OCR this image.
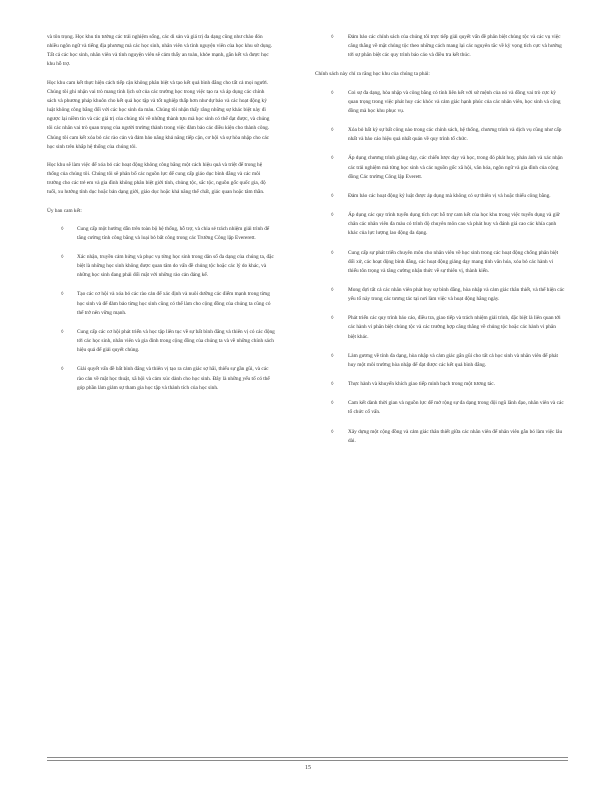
và tôn trọng. Học khu tin tưởng các trải nghiệm sống, các di sản và giá trị đa dạng cũng như chào đón nhiều ngôn ngữ và tiếng địa phương mà các học sinh, nhân viên và tình nguyện viên của học khu sử dụng. Tất cả các học sinh, nhân viên và tình nguyện viên sẽ cảm thấy an toàn, khỏe mạnh, gắn kết và được học khu hỗ trợ.

Học khu cam kết thực hiện cách tiếp cận không phân biệt và tạo kết quả bình đẳng cho tất cả mọi người. Chúng tôi ghi nhận vai trò mang tính lịch sử của các trường học trong việc tạo ra và áp dụng các chính sách và phương pháp khuôn cho kết quả học tập và tốt nghiệp thấp hơn như dự báo và các hoạt động kỷ luật không công bằng đối với các học sinh da màu. Chúng tôi nhận thấy rằng những sự khác biệt này đi ngược lại niềm tin và các giá trị của chúng tôi về những thành tựu mà học sinh có thể đạt được, và chúng tôi các nhân vai trò quan trọng của người trường thành trong việc đảm bảo các điều kiện cho thành công. Chúng tôi cam kết xóa bỏ các rào cản và đảm bảo năng khả năng tiếp cận, cơ hội và sự hòa nhập cho các học sinh trên khắp hệ thống của chúng tôi.

Học khu sẽ làm việc để xóa bỏ các hoạt động không công bằng một cách hiệu quả và triệt để trong hệ thống của chúng tôi. Chúng tôi sẽ phân bổ các nguồn lực để cung cấp giáo dục bình đẳng và các môi trường cho các trẻ em và gia đình không phân biệt giới tính, chủng tộc, sắc tộc, nguồn gốc quốc gia, độ tuổi, xu hướng tính dục hoặc bản dạng giới, giáo dục hoặc khả năng thể chất, giác quan hoặc tâm thần.

Ủy ban cam kết:

◊	Cung cấp một hướng dẫn trên toàn bộ hệ thống, hỗ trợ, và chia sẻ trách nhiệm giải trình để tăng cường tính công bằng và loại bỏ bất công trong các Trường Công lập Evererett.
◊	Xác nhận, truyền cảm hứng và phục vụ từng học sinh trong dân số đa dạng của chúng ta, đặc biệt là những học sinh không được quan tâm do vấn đề chủng tộc hoặc các lý do khác, và những học sinh đang phải đối mặt với những rào cản đáng kể.
◊	Tạo các cơ hội và xóa bỏ các rào cản để xác định và nuôi dưỡng các điểm mạnh trong từng học sinh và để đảm bảo từng học sinh cũng có thể làm cho cộng đồng của chúng ta cũng có thể trở nên vững mạnh.
◊	Cung cấp các cơ hội phát triển và học tập liên tục về sự bất bình đẳng và thiên vị có các động tới các học sinh, nhân viên và gia đình trong cộng đồng của chúng ta và về những chính sách hiệu quả để giải quyết chúng.
◊	Giải quyết vấn đề bất bình đẳng và thiên vị tạo ra cảm giác sợ hãi, thiếu sự gần gũi, và các rào cản về mặt học thuật, xã hội và cảm xúc dành cho học sinh. Đây là những yếu tố có thể góp phần làm giảm sự tham gia học tập và thành tích của học sinh.
◊	Đảm bảo các chính sách của chúng tôi trực tiếp giải quyết vấn đề phân biệt chủng tộc và các vụ việc căng thẳng về mặt chủng tộc theo những cách mang lại các nguyên tắc về kỳ vọng tích cực và hướng tới sự phân biệt các quy trình báo cáo và điều tra kết thúc.

Chính sách này chỉ ra rằng học khu của chúng ta phải:

◊	Coi sự đa dạng, hòa nhập và công bằng có tính liên kết với sứ mệnh của nó và đồng vai trò cực kỳ quan trọng trong việc phát huy các khóc và cảm giác hạnh phúc của các nhân viên, học sinh và cộng đồng mà học khu phục vụ.
◊	Xóa bỏ bất kỳ sự bất công nào trong các chính sách, hệ thống, chương trình và dịch vụ cũng như cấp nhất và bảo cáo hiệu quả nhất quán về quy trình tố chức.
◊	Áp dụng chương trình giảng dạy, các chiến lược dạy và học, trong đó phát huy, phản ánh và xác nhận các trải nghiệm mà từng học sinh và các nguồn gốc xã hội, văn hóa, ngôn ngữ và gia đình của cộng đồng Các trường Công lập Everett.
◊	Đảm bảo các hoạt động kỷ luật được áp dụng mà không có sự thiên vị và hoặc thiếu công bằng.
◊	Áp dụng các quy trình tuyển dụng tích cực hỗ trợ cam kết của học khu trong việc tuyển dụng và giữ chân các nhân viên đa màu có trình độ chuyên môn cao và phát huy và đánh giá cao các khía cạnh khác của lực lượng lao động đa dạng.
◊	Cung cấp sự phát triển chuyên môn cho nhân viên về học sinh trong các hoạt động chống phân biệt đối xử, các hoạt động bình đẳng, các hoạt động giảng dạy mang tính văn hóa, xóa bỏ các hành vi thiếu tôn trọng và tăng cường nhận thức về sự thiên vị, thành kiến.
◊	Mong đợi tất cả các nhân viên phát huy sự bình đẳng, hòa nhập và cảm giác thân thiết, và thể hiện các yếu tố này trong các tương tác tại nơi làm việc và hoạt động hằng ngày.
◊	Phát triển các quy trình báo cáo, điều tra, giao tiếp và trách nhiệm giải trình, đặc biệt là liên quan tới các hành vi phân biệt chủng tộc và các trường hợp căng thẳng về chủng tộc hoặc các hành vi phân biệt khác.
◊	Làm gương về tính đa dạng, hòa nhập và cảm giác gắn gũi cho tất cả học sinh và nhân viên để phát huy một môi trường hòa nhập để đạt được các kết quả bình đẳng.
◊	Thực hành và khuyến khích giao tiếp minh bạch trong một tương tác.
◊	Cam kết dành thời gian và nguồn lực để mở rộng sự đa dạng trong đội ngũ lãnh đạo, nhân viên và các tổ chức cố vấn.
◊	Xây dựng một cộng đồng và cảm giác thân thiết giữa các nhân viên để nhân viên gắn bó làm việc lâu dài.
15
